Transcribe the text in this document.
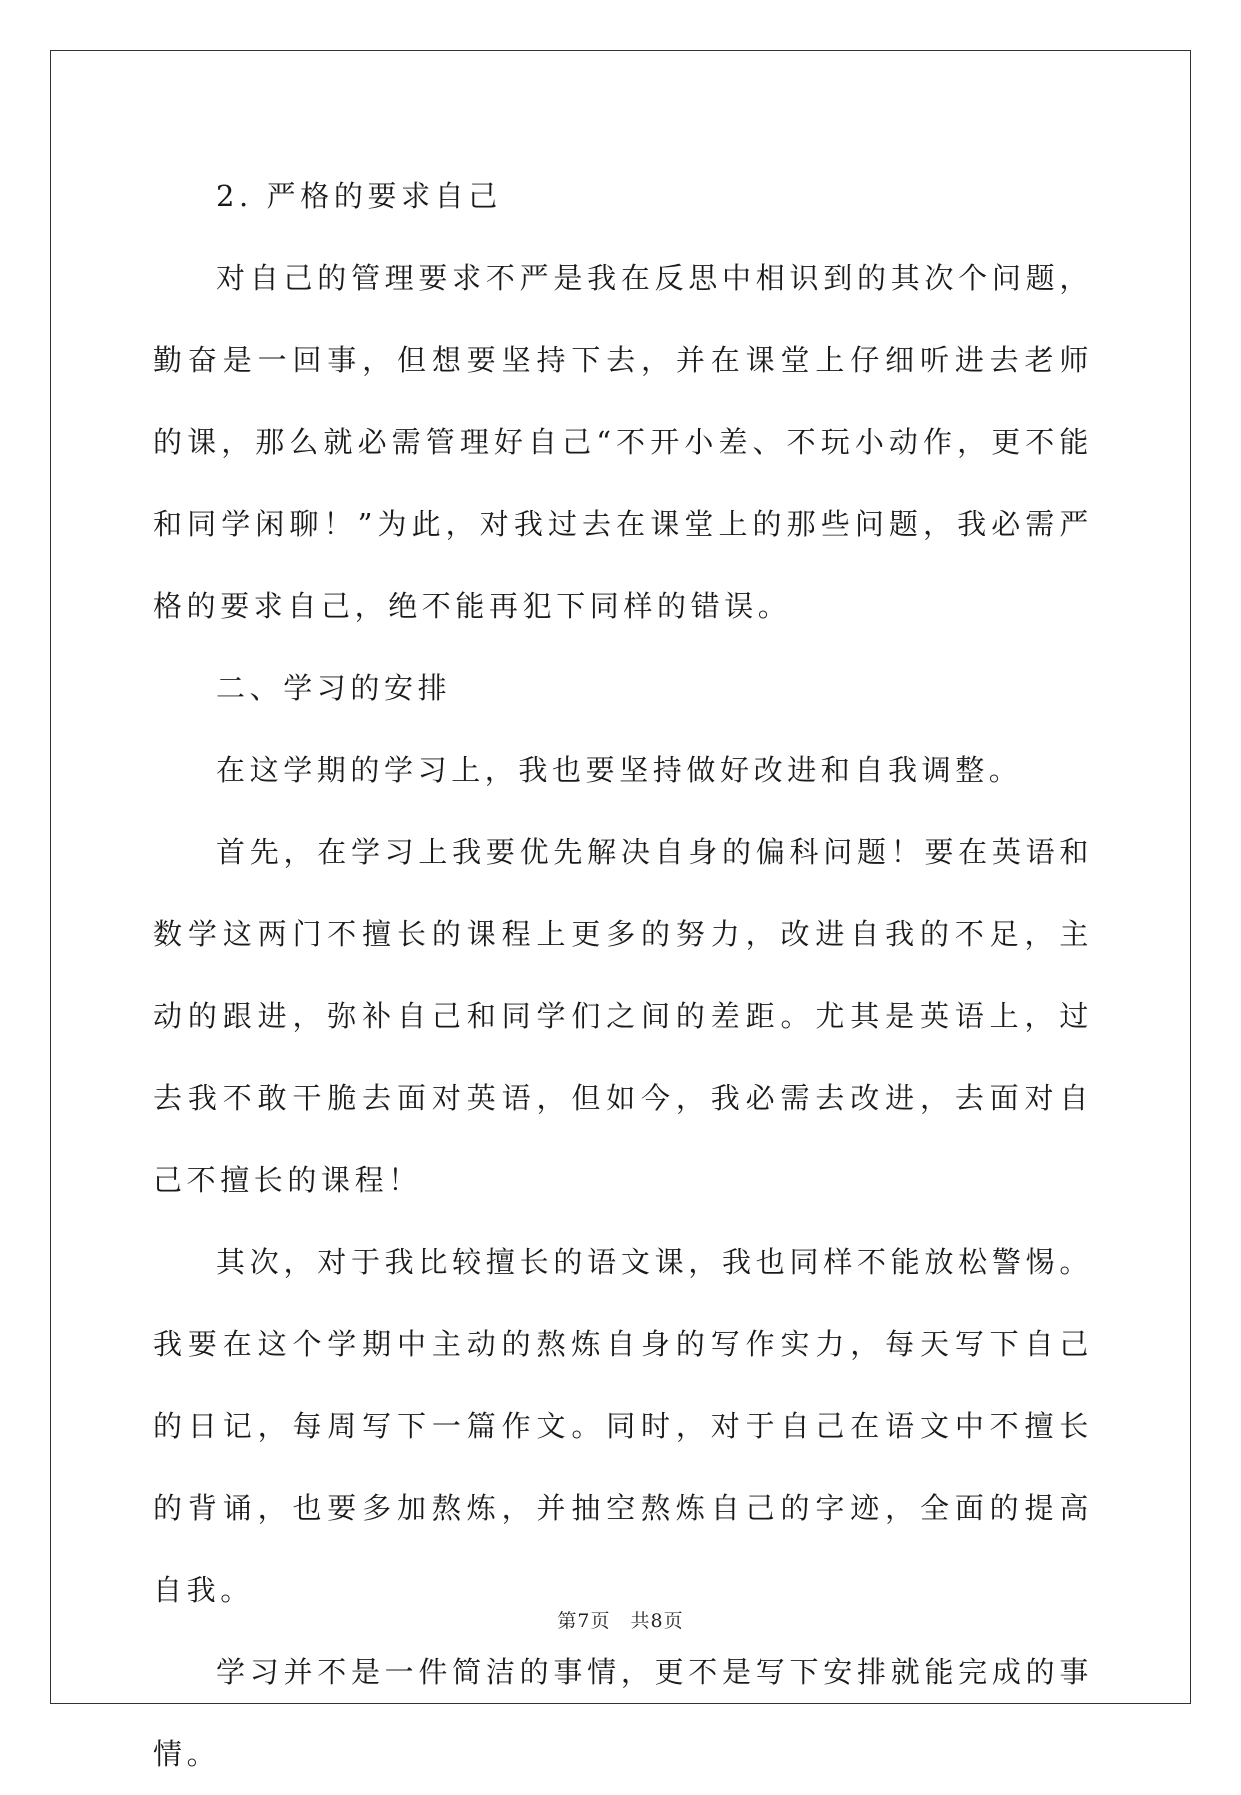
2. 严格的要求自己

对自己的管理要求不严是我在反思中相识到的其次个问题，勤奋是一回事，但想要坚持下去，并在课堂上仔细听进去老师的课，那么就必需管理好自己“不开小差、不玩小动作，更不能和同学闲聊！”为此，对我过去在课堂上的那些问题，我必需严格的要求自己，绝不能再犯下同样的错误。

二、学习的安排

在这学期的学习上，我也要坚持做好改进和自我调整。

首先，在学习上我要优先解决自身的偏科问题！要在英语和数学这两门不擅长的课程上更多的努力，改进自我的不足，主动的跟进，弥补自己和同学们之间的差距。尤其是英语上，过去我不敢干脆去面对英语，但如今，我必需去改进，去面对自己不擅长的课程！

其次，对于我比较擅长的语文课，我也同样不能放松警惕。我要在这个学期中主动的熬炼自身的写作实力，每天写下自己的日记，每周写下一篇作文。同时，对于自己在语文中不擅长的背诵，也要多加熬炼，并抽空熬炼自己的字迹，全面的提高自我。

学习并不是一件简洁的事情，更不是写下安排就能完成的事情。

第7页　共8页
